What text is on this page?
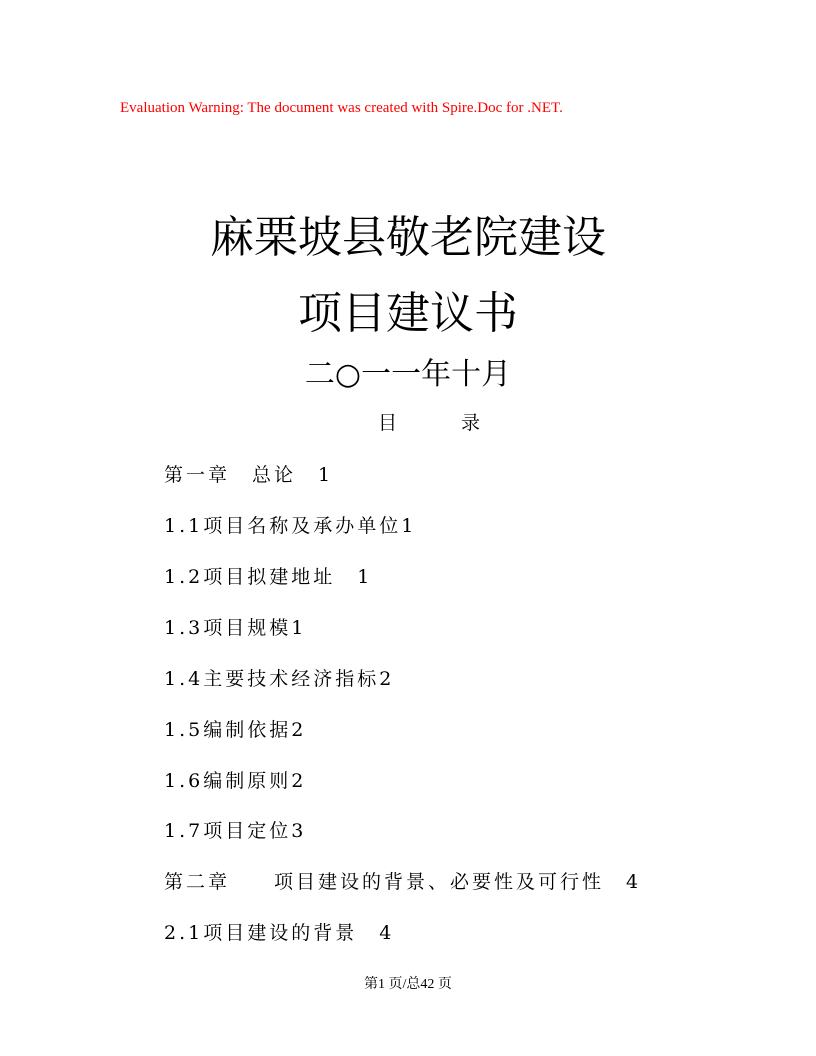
Evaluation Warning: The document was created with Spire.Doc for .NET.
麻栗坡县敬老院建设
项目建议书
二○一一年十月
目录
第一章　总论　1
1.1项目名称及承办单位1
1.2项目拟建地址　1
1.3项目规模1
1.4主要技术经济指标2
1.5编制依据2
1.6编制原则2
1.7项目定位3
第二章　　项目建设的背景、必要性及可行性　4
2.1项目建设的背景　4
第1 页/总42 页
